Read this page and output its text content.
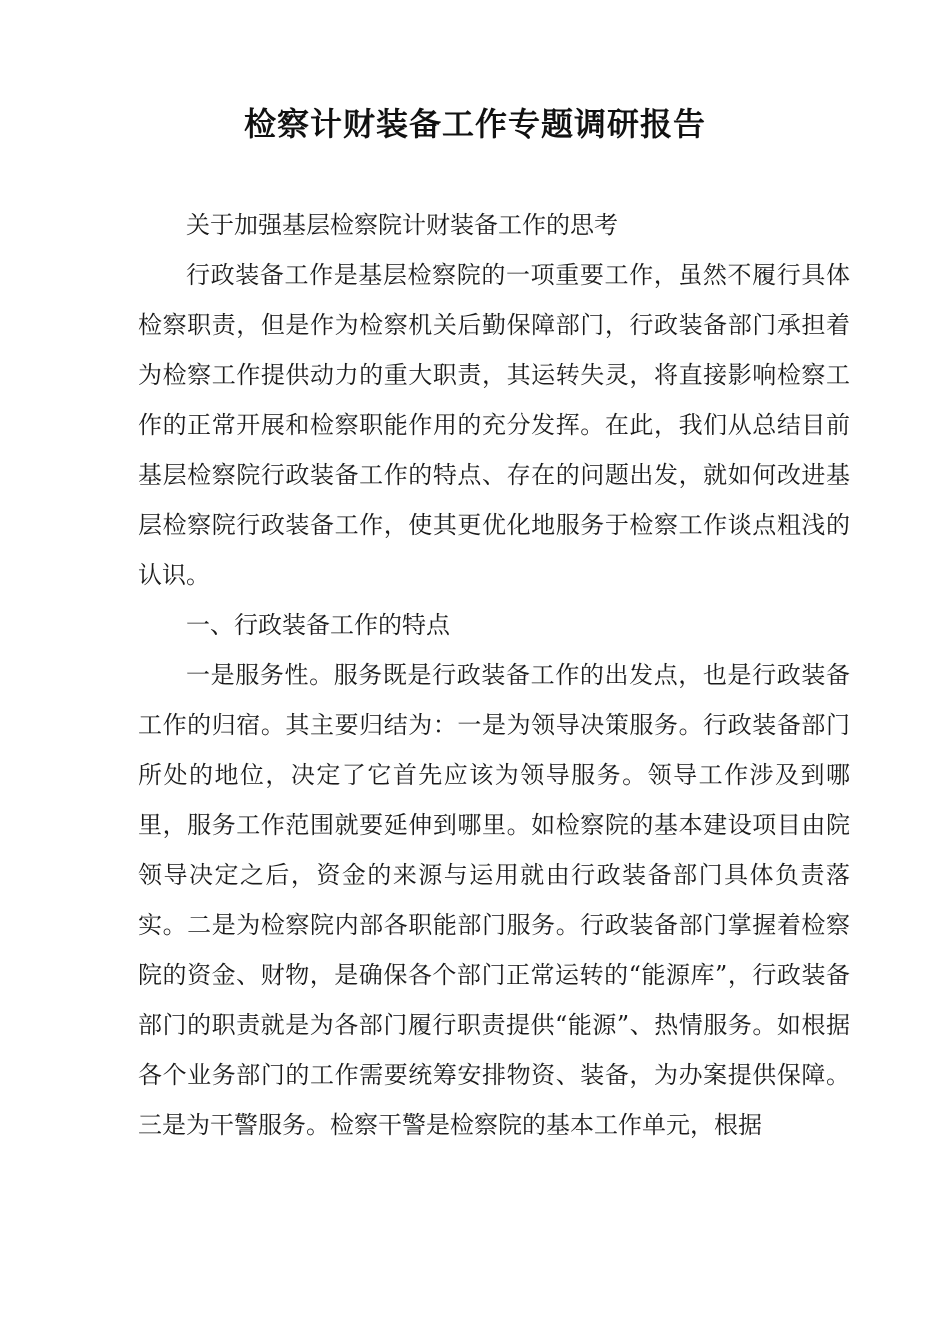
检察计财装备工作专题调研报告

关于加强基层检察院计财装备工作的思考

行政装备工作是基层检察院的一项重要工作，虽然不履行具体检察职责，但是作为检察机关后勤保障部门，行政装备部门承担着为检察工作提供动力的重大职责，其运转失灵，将直接影响检察工作的正常开展和检察职能作用的充分发挥。在此，我们从总结目前基层检察院行政装备工作的特点、存在的问题出发，就如何改进基层检察院行政装备工作，使其更优化地服务于检察工作谈点粗浅的认识。

一、行政装备工作的特点

一是服务性。服务既是行政装备工作的出发点，也是行政装备工作的归宿。其主要归结为：一是为领导决策服务。行政装备部门所处的地位，决定了它首先应该为领导服务。领导工作涉及到哪里，服务工作范围就要延伸到哪里。如检察院的基本建设项目由院领导决定之后，资金的来源与运用就由行政装备部门具体负责落实。二是为检察院内部各职能部门服务。行政装备部门掌握着检察院的资金、财物，是确保各个部门正常运转的“能源库”，行政装备部门的职责就是为各部门履行职责提供“能源”、热情服务。如根据各个业务部门的工作需要统筹安排物资、装备，为办案提供保障。三是为干警服务。检察干警是检察院的基本工作单元，根据
